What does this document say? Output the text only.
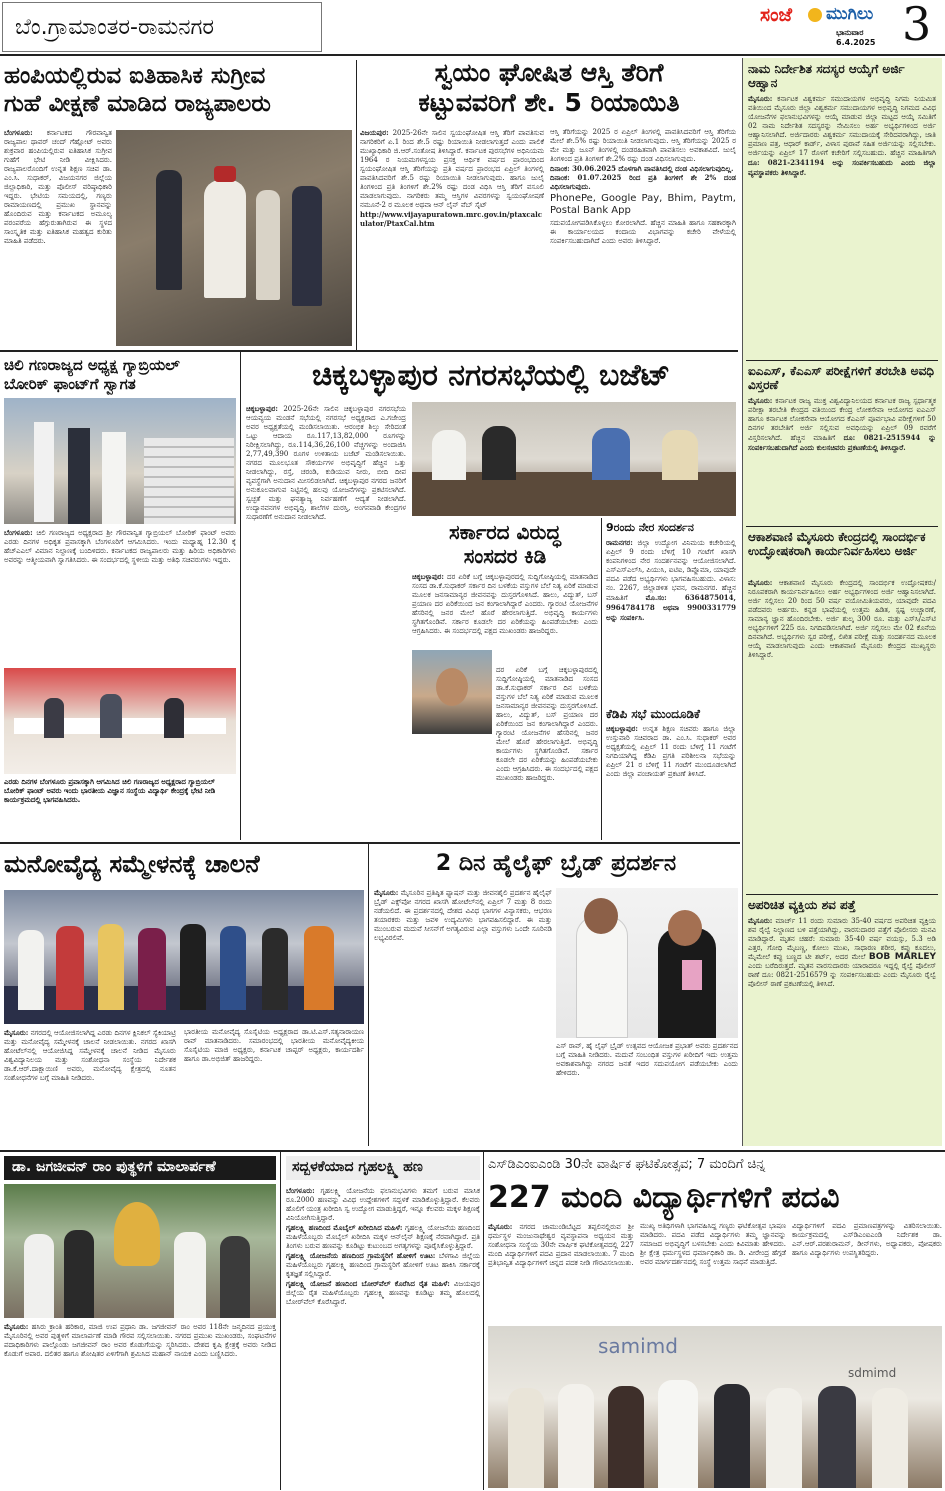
ಬೆಂ.ಗ್ರಾಮಾಂತರ-ರಾಮನಗರ	ಸಂಜೆ ಮುಗಿಲು
ಭಾನುವಾರ
6.4.2025 3
ಹಂಪಿಯಲ್ಲಿರುವ ಐತಿಹಾಸಿಕ ಸುಗ್ರೀವ
ಗುಹೆ ವೀಕ್ಷಣೆ ಮಾಡಿದ ರಾಜ್ಯಪಾಲರು
ಬೆಂಗಳೂರು: ಕರ್ನಾಟಕದ ಗೌರವಾನ್ವಿತ ರಾಜ್ಯಪಾಲ ಥಾವರ್ ಚಂದ್ ಗೆಹ್ಲೋಟ್ ಅವರು ಶುಕ್ರವಾರ ಹಂಪಿಯಲ್ಲಿರುವ ಐತಿಹಾಸಿಕ ಸುಗ್ರೀವ ಗುಹೆಗೆ ಭೇಟಿ ನೀಡಿ ವೀಕ್ಷಿಸಿದರು. ರಾಜ್ಯಪಾಲರೊಂದಿಗೆ ಉನ್ನತ ಶಿಕ್ಷಣ ಸಚಿವ ಡಾ. ಎಂ.ಸಿ. ಸುಧಾಕರ್, ವಿಜಯನಗರ ಜಿಲ್ಲೆಯ ಜಿಲ್ಲಾಧಿಕಾರಿ, ಮತ್ತು ಪೊಲೀಸ್ ವರಿಷ್ಠಾಧಿಕಾರಿ ಇದ್ದರು. ಭೇಟಿಯ ಸಮಯದಲ್ಲಿ, ಗಣ್ಯರು ರಾಮಾಯಣದಲ್ಲಿ ಪ್ರಮುಖ ಸ್ಥಾನವನ್ನು ಹೊಂದಿರುವ ಮತ್ತು ಕರ್ನಾಟಕದ ಅಮೂಲ್ಯ ಪರಂಪರೆಯ ಹೆಗ್ಗುರುತಾಗಿರುವ ಈ ಸ್ಥಳದ ಸಾಂಸ್ಕೃತಿಕ ಮತ್ತು ಐತಿಹಾಸಿಕ ಮಹತ್ವದ ಕುರಿತು ಮಾಹಿತಿ ಪಡೆದರು.
ಸ್ವಯಂ ಘೋಷಿತ ಆಸ್ತಿ ತೆರಿಗೆ
ಕಟ್ಟುವವರಿಗೆ ಶೇ. 5 ರಿಯಾಯಿತಿ
ವಿಜಯಪುರ: 2025-26ನೇ ಸಾಲಿನ ಸ್ವಯಂಘೋಷಿತ ಆಸ್ತಿ ತೆರಿಗೆ ಪಾವತಿಸುವ ನಾಗರಿಕರಿಗೆ ಏ.1 ರಿಂದ ಶೇ.5 ರಷ್ಟು ರಿಯಾಯಿತಿ ನೀಡಲಾಗುತ್ತದೆ ಎಂದು ಪಾಲಿಕೆ ಮುಖ್ಯಾಧಿಕಾರಿ ಜಿ.ಆರ್.ಸಂತೋಷ ತಿಳಿಸಿದ್ದಾರೆ. ಕರ್ನಾಟಕ ಪುರಸಭೆಗಳ ಅಧಿನಿಯಮ 1964 ರ ನಿಯಮಗಳನ್ವಯ ಪ್ರಸಕ್ತ ಆರ್ಥಿಕ ವರ್ಷದ ಪ್ರಾರಂಭದಿಂದ ಸ್ವಯಂಘೋಷಿತ ಆಸ್ತಿ ತೆರಿಗೆಯನ್ನು ಪ್ರತಿ ವರ್ಷದ ಪ್ರಾರಂಭದ ಏಪ್ರಿಲ್ ತಿಂಗಳಲ್ಲಿ ಪಾವತಿಸಿದವರಿಗೆ ಶೇ.5 ರಷ್ಟು ರಿಯಾಯಿತಿ ನೀಡಲಾಗುವುದು. ಹಾಗೂ ಜುಲೈ ತಿಂಗಳಿಂದ ಪ್ರತಿ ತಿಂಗಳಿಗೆ ಶೇ.2% ರಷ್ಟು ದಂಡ ವಿಧಿಸಿ ಆಸ್ತಿ ತೆರಿಗೆ ವಸೂಲಿ ಮಾಡಲಾಗುವುದು. ನಾಗರಿಕರು ತಮ್ಮ ಆಸ್ತಿಗಳ ವಿವರಗಳನ್ನು ಸ್ವಯಂಘೋಷಣೆ ನಮೂನೆ-2 ರ ಮೂಲಕ ಅಥವಾ ಆನ್ ಲೈನ್ ವೆಬ್ ಸೈಟ್
http://www.vijayapuratown.mrc.gov.in/ptaxcalculator/PtaxCal.htm
ಆಸ್ತಿ ತೆರಿಗೆಯನ್ನು 2025 ರ ಏಪ್ರಿಲ್ ತಿಂಗಳಲ್ಲಿ ಪಾವತಿಸಿದವರಿಗೆ ಆಸ್ತಿ ತೆರಿಗೆಯ ಮೇಲೆ ಶೇ.5% ರಷ್ಟು ರಿಯಾಯಿತಿ ನೀಡಲಾಗುವುದು. ಆಸ್ತಿ ತೆರಿಗೆಯನ್ನು 2025 ರ ಮೇ ಮತ್ತು ಜೂನ್ ತಿಂಗಳಲ್ಲಿ ದಂಡರಹಿತವಾಗಿ ಪಾವತಿಸಲು ಅವಕಾಶವಿದೆ. ಜುಲೈ ತಿಂಗಳಿಂದ ಪ್ರತಿ ತಿಂಗಳಿಗೆ ಶೇ.2% ರಷ್ಟು ದಂಡ ವಿಧಿಸಲಾಗುವುದು.
ದಿನಾಂಕ: 30.06.2025 ದೊಳಗಾಗಿ ಪಾವತಿಸಿದಲ್ಲಿ ದಂಡ ವಿಧಿಸಲಾಗುವುದಿಲ್ಲ.
ದಿನಾಂಕ: 01.07.2025 ರಿಂದ ಪ್ರತಿ ತಿಂಗಳಿಗೆ ಶೇ 2% ದಂಡ ವಿಧಿಸಲಾಗುವುದು.
PhonePe, Google Pay, Bhim, Paytm, Postal Bank App
ಸದುಪಯೋಗಪಡಿಸಿಕೊಳ್ಳಲು ಕೋರಲಾಗಿದೆ. ಹೆಚ್ಚಿನ ಮಾಹಿತಿ ಹಾಗೂ ಸಹಕಾರಕ್ಕಾಗಿ ಈ ಕಾರ್ಯಾಲಯದ ಕಂದಾಯ ವಿಭಾಗವನ್ನು ಕಚೇರಿ ವೇಳೆಯಲ್ಲಿ ಸಂಪರ್ಕಿಸಬಹುದಾಗಿದೆ ಎಂದು ಅವರು ತಿಳಿಸಿದ್ದಾರೆ.
ಚಿಲಿ ಗಣರಾಜ್ಯದ ಅಧ್ಯಕ್ಷ ಗ್ಯಾಬ್ರಿಯಲ್
ಬೋರಿಕ್ ಫಾಂಟ್‌ಗೆ ಸ್ವಾಗತ
ಬೆಂಗಳೂರು: ಚಿಲಿ ಗಣರಾಜ್ಯದ ಅಧ್ಯಕ್ಷರಾದ ಶ್ರೀ ಗೌರವಾನ್ವಿತ ಗ್ಯಾಬ್ರಿಯಲ್ ಬೋರಿಕ್ ಫಾಂಟ್ ಅವರು ಎರಡು ದಿನಗಳ ಅಧಿಕೃತ ಪ್ರವಾಸಕ್ಕಾಗಿ ಬೆಂಗಳೂರಿಗೆ ಆಗಮಿಸಿದರು. ಇಂದು ಮಧ್ಯಾಹ್ನ 12.30 ಕ್ಕೆ ಹೆಚ್ಎಎಲ್ ವಿಮಾನ ನಿಲ್ದಾಣಕ್ಕೆ ಬಂದಿಳಿದರು. ಕರ್ನಾಟಕದ ರಾಜ್ಯಪಾಲರು ಮತ್ತು ಹಿರಿಯ ಅಧಿಕಾರಿಗಳು ಅವರನ್ನು ಆತ್ಮೀಯವಾಗಿ ಸ್ವಾಗತಿಸಿದರು. ಈ ಸಂದರ್ಭದಲ್ಲಿ ಸ್ಥಳೀಯ ಮತ್ತು ಅತಿಥಿ ಸಚಿವರುಗಳು ಇದ್ದರು.
ಎರಡು ದಿನಗಳ ಬೆಂಗಳೂರು ಪ್ರವಾಸಕ್ಕಾಗಿ ಆಗಮಿಸಿದ ಚಿಲಿ ಗಣರಾಜ್ಯದ ಅಧ್ಯಕ್ಷರಾದ ಗ್ಯಾಬ್ರಿಯಲ್ ಬೋರಿಕ್ ಫಾಂಟ್ ಅವರು ಇಂದು ಭಾರತೀಯ ವಿಜ್ಞಾನ ಸಂಸ್ಥೆಯ ವಿದ್ಯಾರ್ಥಿ ಕೇಂದ್ರಕ್ಕೆ ಭೇಟಿ ನೀಡಿ ಕಾರ್ಯಕ್ರಮದಲ್ಲಿ ಭಾಗವಹಿಸಿದರು.
ಚಿಕ್ಕಬಳ್ಳಾಪುರ ನಗರಸಭೆಯಲ್ಲಿ ಬಜೆಟ್
ಚಿಕ್ಕಬಳ್ಳಾಪುರ: 2025-26ನೇ ಸಾಲಿನ ಚಿಕ್ಕಬಳ್ಳಾಪುರ ನಗರಸಭೆಯ ಆಯವ್ಯಯ ಮಂಡನೆ ಸಭೆಯಲ್ಲಿ ನಗರಸಭೆ ಅಧ್ಯಕ್ಷರಾದ ಎ.ಗಜೇಂದ್ರ ಅವರ ಅಧ್ಯಕ್ಷತೆಯಲ್ಲಿ ಮಂಡಿಸಲಾಯಿತು. ಆರಂಭಿಕ ಶಿಲ್ಕು ಸೇರಿದಂತೆ ಒಟ್ಟು ಆದಾಯ ರೂ.117,13,82,000 ರೂಗಳನ್ನು ನಿರೀಕ್ಷಿಸಲಾಗಿದ್ದು, ರೂ.114,36,26,100 ವೆಚ್ಚಗಳನ್ನು ಅಂದಾಜಿಸಿ 2,77,49,390 ರೂಗಳ ಉಳಿತಾಯ ಬಜೆಟ್ ಮಂಡಿಸಲಾಯಿತು. ನಗರದ ಮೂಲಭೂತ ಸೌಕರ್ಯಗಳ ಅಭಿವೃದ್ಧಿಗೆ ಹೆಚ್ಚಿನ ಒತ್ತು ನೀಡಲಾಗಿದ್ದು, ರಸ್ತೆ, ಚರಂಡಿ, ಕುಡಿಯುವ ನೀರು, ಬೀದಿ ದೀಪ ವ್ಯವಸ್ಥೆಗಾಗಿ ಅನುದಾನ ಮೀಸಲಿಡಲಾಗಿದೆ. ಚಿಕ್ಕಬಳ್ಳಾಪುರ ನಗರದ ಜನರಿಗೆ ಅನುಕೂಲವಾಗುವ ನಿಟ್ಟಿನಲ್ಲಿ ಹಲವು ಯೋಜನೆಗಳನ್ನು ಪ್ರಕಟಿಸಲಾಗಿದೆ. ಸ್ವಚ್ಛತೆ ಮತ್ತು ಘನತ್ಯಾಜ್ಯ ನಿರ್ವಹಣೆಗೆ ಆದ್ಯತೆ ನೀಡಲಾಗಿದೆ. ಉದ್ಯಾನವನಗಳ ಅಭಿವೃದ್ಧಿ, ಶಾಲೆಗಳ ದುರಸ್ತಿ, ಅಂಗನವಾಡಿ ಕೇಂದ್ರಗಳ ಸುಧಾರಣೆಗೆ ಅನುದಾನ ನೀಡಲಾಗಿದೆ.
ಸರ್ಕಾರದ ವಿರುದ್ಧ
ಸಂಸದರ ಕಿಡಿ
ಚಿಕ್ಕಬಳ್ಳಾಪುರ: ದರ ಏರಿಕೆ ಬಗ್ಗೆ ಚಿಕ್ಕಬಳ್ಳಾಪುರದಲ್ಲಿ ಸುದ್ದಿಗೋಷ್ಠಿಯಲ್ಲಿ ಮಾತನಾಡಿದ ಸಂಸದ ಡಾ.ಕೆ.ಸುಧಾಕರ್ ಸರ್ಕಾರ ದಿನ ಬಳಕೆಯ ವಸ್ತುಗಳ ಬೆಲೆ ನಿತ್ಯ ಏರಿಕೆ ಮಾಡುವ ಮೂಲಕ ಜನಸಾಮಾನ್ಯರ ಜೀವನವನ್ನು ದುಸ್ತರಗೊಳಿಸಿದೆ. ಹಾಲು, ವಿದ್ಯುತ್, ಬಸ್ ಪ್ರಯಾಣ ದರ ಏರಿಕೆಯಿಂದ ಜನ ಕಂಗಾಲಾಗಿದ್ದಾರೆ ಎಂದರು. ಗ್ಯಾರಂಟಿ ಯೋಜನೆಗಳ ಹೆಸರಿನಲ್ಲಿ ಜನರ ಮೇಲೆ ಹೊರೆ ಹೇರಲಾಗುತ್ತಿದೆ. ಅಭಿವೃದ್ಧಿ ಕಾರ್ಯಗಳು ಸ್ಥಗಿತಗೊಂಡಿವೆ. ಸರ್ಕಾರ ಕೂಡಲೇ ದರ ಏರಿಕೆಯನ್ನು ಹಿಂಪಡೆಯಬೇಕು ಎಂದು ಆಗ್ರಹಿಸಿದರು. ಈ ಸಂದರ್ಭದಲ್ಲಿ ಪಕ್ಷದ ಮುಖಂಡರು ಹಾಜರಿದ್ದರು.
ದರ ಏರಿಕೆ ಬಗ್ಗೆ ಚಿಕ್ಕಬಳ್ಳಾಪುರದಲ್ಲಿ ಸುದ್ದಿಗೋಷ್ಠಿಯಲ್ಲಿ ಮಾತನಾಡಿದ ಸಂಸದ ಡಾ.ಕೆ.ಸುಧಾಕರ್ ಸರ್ಕಾರ ದಿನ ಬಳಕೆಯ ವಸ್ತುಗಳ ಬೆಲೆ ನಿತ್ಯ ಏರಿಕೆ ಮಾಡುವ ಮೂಲಕ ಜನಸಾಮಾನ್ಯರ ಜೀವನವನ್ನು ದುಸ್ತರಗೊಳಿಸಿದೆ. ಹಾಲು, ವಿದ್ಯುತ್, ಬಸ್ ಪ್ರಯಾಣ ದರ ಏರಿಕೆಯಿಂದ ಜನ ಕಂಗಾಲಾಗಿದ್ದಾರೆ ಎಂದರು. ಗ್ಯಾರಂಟಿ ಯೋಜನೆಗಳ ಹೆಸರಿನಲ್ಲಿ ಜನರ ಮೇಲೆ ಹೊರೆ ಹೇರಲಾಗುತ್ತಿದೆ. ಅಭಿವೃದ್ಧಿ ಕಾರ್ಯಗಳು ಸ್ಥಗಿತಗೊಂಡಿವೆ. ಸರ್ಕಾರ ಕೂಡಲೇ ದರ ಏರಿಕೆಯನ್ನು ಹಿಂಪಡೆಯಬೇಕು ಎಂದು ಆಗ್ರಹಿಸಿದರು. ಈ ಸಂದರ್ಭದಲ್ಲಿ ಪಕ್ಷದ ಮುಖಂಡರು ಹಾಜರಿದ್ದರು.
9ರಂದು ನೇರ ಸಂದರ್ಶನ
ರಾಮನಗರ: ಜಿಲ್ಲಾ ಉದ್ಯೋಗ ವಿನಿಮಯ ಕಚೇರಿಯಲ್ಲಿ ಏಪ್ರಿಲ್ 9 ರಂದು ಬೆಳಿಗ್ಗೆ 10 ಗಂಟೆಗೆ ಖಾಸಗಿ ಕಂಪನಿಗಳಿಂದ ನೇರ ಸಂದರ್ಶನವನ್ನು ಆಯೋಜಿಸಲಾಗಿದೆ. ಎಸ್ಎಸ್ಎಲ್‌ಸಿ, ಪಿಯುಸಿ, ಐಟಿಐ, ಡಿಪ್ಲೊಮಾ, ಯಾವುದೇ ಪದವಿ ಪಡೆದ ಅಭ್ಯರ್ಥಿಗಳು ಭಾಗವಹಿಸಬಹುದು. ವಿಳಾಸ: ನಂ. 2267, ಜಿಲ್ಲಾಡಳಿತ ಭವನ, ರಾಮನಗರ. ಹೆಚ್ಚಿನ ಮಾಹಿತಿಗೆ	ಮೊ.ಸಂ: 6364875014, 9964784178 ಅಥವಾ 9900331779 ಅನ್ನು ಸಂಪರ್ಕಿಸಿ.
ಕೆಡಿಪಿ ಸಭೆ ಮುಂದೂಡಿಕೆ
ಚಿಕ್ಕಬಳ್ಳಾಪುರ: ಉನ್ನತ ಶಿಕ್ಷಣ ಸಚಿವರು ಹಾಗೂ ಜಿಲ್ಲಾ ಉಸ್ತುವಾರಿ ಸಚಿವರಾದ ಡಾ. ಎಂ.ಸಿ. ಸುಧಾಕರ್ ಅವರ ಅಧ್ಯಕ್ಷತೆಯಲ್ಲಿ ಏಪ್ರಿಲ್ 11 ರಂದು ಬೆಳಿಗ್ಗೆ 11 ಗಂಟೆಗೆ ನಿಗದಿಯಾಗಿದ್ದ ಕೆಡಿಪಿ ಪ್ರಗತಿ ಪರಿಶೀಲನಾ ಸಭೆಯನ್ನು ಏಪ್ರಿಲ್ 21 ರ ಬೆಳಿಗ್ಗೆ 11 ಗಂಟೆಗೆ ಮುಂದೂಡಲಾಗಿದೆ ಎಂದು ಜಿಲ್ಲಾ ಪಂಚಾಯತ್ ಪ್ರಕಟಣೆ ತಿಳಿಸಿದೆ.
ನಾಮ ನಿರ್ದೇಶಿತ ಸದಸ್ಯರ ಆಯ್ಕೆಗೆ ಅರ್ಜಿ ಆಹ್ವಾನ
ಮೈಸೂರು: ಕರ್ನಾಟಕ ವಿಶ್ವಕರ್ಮ ಸಮುದಾಯಗಳ ಅಭಿವೃದ್ಧಿ ನಿಗಮ ನಿಯಮಿತ ವತಿಯಿಂದ ಮೈಸೂರು ಜಿಲ್ಲಾ ವಿಶ್ವಕರ್ಮ ಸಮುದಾಯಗಳ ಅಭಿವೃದ್ಧಿ ನಿಗಮದ ವಿವಿಧ ಯೋಜನೆಗಳ ಫಲಾನುಭವಿಗಳನ್ನು ಆಯ್ಕೆ ಮಾಡುವ ಜಿಲ್ಲಾ ಮಟ್ಟದ ಆಯ್ಕೆ ಸಮಿತಿಗೆ 02 ನಾಮ ನಿರ್ದೇಶಿತ ಸದಸ್ಯರನ್ನು ನೇಮಿಸಲು ಅರ್ಹ ಅಭ್ಯರ್ಥಿಗಳಿಂದ ಅರ್ಜಿ ಆಹ್ವಾನಿಸಲಾಗಿದೆ. ಅರ್ಜಿದಾರರು ವಿಶ್ವಕರ್ಮ ಸಮುದಾಯಕ್ಕೆ ಸೇರಿದವರಾಗಿದ್ದು, ಜಾತಿ ಪ್ರಮಾಣ ಪತ್ರ, ಆಧಾರ್ ಕಾರ್ಡ್, ವಿಳಾಸ ಪುರಾವೆ ಸಹಿತ ಅರ್ಜಿಯನ್ನು ಸಲ್ಲಿಸಬೇಕು. ಅರ್ಜಿಯನ್ನು ಏಪ್ರಿಲ್ 17 ರೊಳಗೆ ಕಚೇರಿಗೆ ಸಲ್ಲಿಸಬಹುದು. ಹೆಚ್ಚಿನ ಮಾಹಿತಿಗಾಗಿ ದೂ: 0821-2341194 ಅನ್ನು ಸಂಪರ್ಕಿಸಬಹುದು ಎಂದು ಜಿಲ್ಲಾ ವ್ಯವಸ್ಥಾಪಕರು ತಿಳಿಸಿದ್ದಾರೆ.
ಐಎಎಸ್, ಕೆಎಎಸ್ ಪರೀಕ್ಷೆಗಳಿಗೆ ತರಬೇತಿ ಅವಧಿ ವಿಸ್ತರಣೆ
ಮೈಸೂರು: ಕರ್ನಾಟಕ ರಾಜ್ಯ ಮುಕ್ತ ವಿಶ್ವವಿದ್ಯಾನಿಲಯದ ಕರ್ನಾಟಕ ರಾಜ್ಯ ಸ್ಪರ್ಧಾತ್ಮಕ ಪರೀಕ್ಷಾ ತರಬೇತಿ ಕೇಂದ್ರದ ವತಿಯಿಂದ ಕೇಂದ್ರ ಲೋಕಸೇವಾ ಆಯೋಗದ ಐಎಎಸ್ ಹಾಗೂ ಕರ್ನಾಟಕ ಲೋಕಸೇವಾ ಆಯೋಗದ ಕೆಎಎಸ್ ಪೂರ್ವಭಾವಿ ಪರೀಕ್ಷೆಗಳಿಗೆ 50 ದಿನಗಳ ತರಬೇತಿಗೆ ಅರ್ಜಿ ಸಲ್ಲಿಸುವ ಅವಧಿಯನ್ನು ಏಪ್ರಿಲ್ 09 ರವರೆಗೆ ವಿಸ್ತರಿಸಲಾಗಿದೆ. ಹೆಚ್ಚಿನ ಮಾಹಿತಿಗೆ ದೂ: 0821-2515944 ನ್ನು ಸಂಪರ್ಕಿಸಬಹುದಾಗಿದೆ ಎಂದು ಕುಲಸಚಿವರು ಪ್ರಕಟಣೆಯಲ್ಲಿ ತಿಳಿಸಿದ್ದಾರೆ.
ಆಕಾಶವಾಣಿ ಮೈಸೂರು ಕೇಂದ್ರದಲ್ಲಿ ಸಾಂದರ್ಭಿಕ ಉದ್ಘೋಷಕರಾಗಿ ಕಾರ್ಯನಿರ್ವಹಿಸಲು ಅರ್ಜಿ
ಮೈಸೂರು: ಆಕಾಶವಾಣಿ ಮೈಸೂರು ಕೇಂದ್ರದಲ್ಲಿ ಸಾಂದರ್ಭಿಕ ಉದ್ಘೋಷಕರು/ನಿರೂಪಕರಾಗಿ ಕಾರ್ಯನಿರ್ವಹಿಸಲು ಅರ್ಹ ಅಭ್ಯರ್ಥಿಗಳಿಂದ ಅರ್ಜಿ ಆಹ್ವಾನಿಸಲಾಗಿದೆ. ಅರ್ಜಿ ಸಲ್ಲಿಸಲು 20 ರಿಂದ 50 ವರ್ಷ ವಯೋಮಿತಿಯವರು, ಯಾವುದೇ ಪದವಿ ಪಡೆದವರು ಅರ್ಹರು. ಕನ್ನಡ ಭಾಷೆಯಲ್ಲಿ ಉತ್ತಮ ಹಿಡಿತ, ಸ್ಪಷ್ಟ ಉಚ್ಚಾರಣೆ, ಸಾಮಾನ್ಯ ಜ್ಞಾನ ಹೊಂದಿರಬೇಕು. ಅರ್ಜಿ ಶುಲ್ಕ 300 ರೂ. ಮತ್ತು ಎಸ್‌ಸಿ/ಎಸ್‌ಟಿ ಅಭ್ಯರ್ಥಿಗಳಿಗೆ 225 ರೂ. ನಿಗದಿಪಡಿಸಲಾಗಿದೆ. ಅರ್ಜಿ ಸಲ್ಲಿಸಲು ಮೇ 02 ಕೊನೆಯ ದಿನವಾಗಿದೆ. ಅಭ್ಯರ್ಥಿಗಳು ಸ್ವರ ಪರೀಕ್ಷೆ, ಲಿಖಿತ ಪರೀಕ್ಷೆ ಮತ್ತು ಸಂದರ್ಶನದ ಮೂಲಕ ಆಯ್ಕೆ ಮಾಡಲಾಗುವುದು ಎಂದು ಆಕಾಶವಾಣಿ ಮೈಸೂರು ಕೇಂದ್ರದ ಮುಖ್ಯಸ್ಥರು ತಿಳಿಸಿದ್ದಾರೆ.
ಅಪರಿಚಿತ ವ್ಯಕ್ತಿಯ ಶವ ಪತ್ತೆ
ಮೈಸೂರು: ಮಾರ್ಚ್ 11 ರಂದು ಸುಮಾರು 35-40 ವರ್ಷದ ಅಪರಿಚಿತ ವ್ಯಕ್ತಿಯ ಶವ ರೈಲ್ವೆ ನಿಲ್ದಾಣದ ಬಳಿ ಪತ್ತೆಯಾಗಿದ್ದು, ವಾರಸುದಾರರ ಪತ್ತೆಗೆ ಪೊಲೀಸರು ಮನವಿ ಮಾಡಿದ್ದಾರೆ. ಮೃತನ ಚಹರೆ: ಸುಮಾರು 35-40 ವರ್ಷ ವಯಸ್ಸು, 5.3 ಅಡಿ ಎತ್ತರ, ಗೋಧಿ ಮೈಬಣ್ಣ, ಕೋಲು ಮುಖ, ಸಾಧಾರಣ ಶರೀರ, ಕಪ್ಪು ಕೂದಲು, ಮೈಮೇಲೆ ಕಪ್ಪು ಬಣ್ಣದ ಟೀ ಶರ್ಟ್, ಅದರ ಮೇಲೆ BOB MARLEY ಎಂದು ಬರೆದಿರುತ್ತದೆ. ಮೃತನ ವಾರಸುದಾರರು ಯಾರಾದರೂ ಇದ್ದಲ್ಲಿ ರೈಲ್ವೆ ಪೊಲೀಸ್ ಠಾಣೆ ದೂ: 0821-2516579 ನ್ನು ಸಂಪರ್ಕಿಸಬಹುದು ಎಂದು ಮೈಸೂರು ರೈಲ್ವೆ ಪೊಲೀಸ್ ಠಾಣೆ ಪ್ರಕಟಣೆಯಲ್ಲಿ ತಿಳಿಸಿದೆ.
ಮನೋವೈದ್ಯ ಸಮ್ಮೇಳನಕ್ಕೆ ಚಾಲನೆ
ಮೈಸೂರು: ನಗರದಲ್ಲಿ ಆಯೋಜಿಸಲಾಗಿದ್ದ ಎರಡು ದಿನಗಳ ಕ್ಲಿನಿಕಲ್ ಸ್ಯೆಕಿಯಾಟ್ರಿ ಮತ್ತು ಮನೋವೈದ್ಯ ಸಮ್ಮೇಳನಕ್ಕೆ ಚಾಲನೆ ನೀಡಲಾಯಿತು. ನಗರದ ಖಾಸಗಿ ಹೋಟೆಲ್‌ನಲ್ಲಿ ಆಯೋಜಿಸಿದ್ದ ಸಮ್ಮೇಳನಕ್ಕೆ ಚಾಲನೆ ನೀಡಿದ ಮೈಸೂರು ವಿಶ್ವವಿದ್ಯಾನಿಲಯ ಮತ್ತು ಸಂಶೋಧನಾ ಸಂಸ್ಥೆಯ ನಿರ್ದೇಶಕ ಡಾ.ಕೆ.ಆರ್.ದಾಕ್ಷಾಯಿಣಿ ಅವರು, ಮನೋವೈದ್ಯ ಕ್ಷೇತ್ರದಲ್ಲಿ ನೂತನ ಸಂಶೋಧನೆಗಳ ಬಗ್ಗೆ ಮಾಹಿತಿ ನೀಡಿದರು.
ಭಾರತೀಯ ಮನೋವೈದ್ಯ ಸೊಸೈಟಿಯ ಅಧ್ಯಕ್ಷರಾದ ಡಾ.ಟಿ.ಎಸ್.ಸತ್ಯನಾರಾಯಣ ರಾವ್ ಮಾತನಾಡಿದರು. ಸಮಾರಂಭದಲ್ಲಿ ಭಾರತೀಯ ಮನೋವೈದ್ಯಕೀಯ ಸೊಸೈಟಿಯ ಮಾಜಿ ಅಧ್ಯಕ್ಷರು, ಕರ್ನಾಟಕ ಚಾಪ್ಟರ್ ಅಧ್ಯಕ್ಷರು, ಕಾರ್ಯದರ್ಶಿ ಹಾಗೂ ಡಾ.ಅಭಿಜಿತ್ ಹಾಜರಿದ್ದರು.
2 ದಿನ ಹೈಲೈಫ್ ಬ್ರೈಡ್ ಪ್ರದರ್ಶನ
ಮೈಸೂರು: ಮೈಸೂರಿನ ಪ್ರತಿಷ್ಠಿತ ಫ್ಯಾಷನ್ ಮತ್ತು ಜೀವನಶೈಲಿ ಪ್ರದರ್ಶನ ಹೈಲೈಫ್ ಬ್ರೈಡ್ ಎಕ್ಸ್‌ಪೋ ನಗರದ ಖಾಸಗಿ ಹೋಟೆಲ್‌ನಲ್ಲಿ ಏಪ್ರಿಲ್ 7 ಮತ್ತು 8 ರಂದು ನಡೆಯಲಿದೆ. ಈ ಪ್ರದರ್ಶನದಲ್ಲಿ ದೇಶದ ವಿವಿಧ ಭಾಗಗಳ ವಿನ್ಯಾಸಕರು, ಆಭರಣ ತಯಾರಕರು ಮತ್ತು ಜವಳಿ ಉದ್ಯಮಿಗಳು ಭಾಗವಹಿಸಲಿದ್ದಾರೆ. ಈ ಮತ್ತು ಮುಂಬರುವ ಮದುವೆ ಸೀಸನ್‌ಗೆ ಅಗತ್ಯವಿರುವ ಎಲ್ಲಾ ವಸ್ತುಗಳು ಒಂದೇ ಸೂರಿನಡಿ ಲಭ್ಯವಿರಲಿವೆ.
ಎಸ್ ರಾವ್, ಹೈ ಲೈಫ್ ಬ್ರೈಡ್ ಉತ್ಸವದ ಆಯೋಜಕ ಪ್ರಭಾತ್ ಅವರು ಪ್ರದರ್ಶನದ ಬಗ್ಗೆ ಮಾಹಿತಿ ನೀಡಿದರು. ಮದುವೆ ಸಂಬಂಧಿತ ವಸ್ತುಗಳ ಖರೀದಿಗೆ ಇದು ಉತ್ತಮ ಅವಕಾಶವಾಗಿದ್ದು ನಗರದ ಜನತೆ ಇದರ ಸದುಪಯೋಗ ಪಡೆಯಬೇಕು ಎಂದು ಹೇಳಿದರು.
ಡಾ. ಜಗಜೀವನ್ ರಾಂ ಪುತ್ಥಳಿಗೆ ಮಾಲಾರ್ಪಣೆ
ಮೈಸೂರು: ಹಸಿರು ಕ್ರಾಂತಿ ಹರಿಕಾರ, ಮಾಜಿ ಉಪ ಪ್ರಧಾನಿ ಡಾ. ಜಗಜೀವನ್ ರಾಂ ಅವರ 118ನೇ ಜನ್ಮದಿನದ ಪ್ರಯುಕ್ತ ಮೈಸೂರಿನಲ್ಲಿ ಅವರ ಪುತ್ಥಳಿಗೆ ಮಾಲಾರ್ಪಣೆ ಮಾಡಿ ಗೌರವ ಸಲ್ಲಿಸಲಾಯಿತು. ನಗರದ ಪ್ರಮುಖ ಮುಖಂಡರು, ಸಂಘಟನೆಗಳ ಪದಾಧಿಕಾರಿಗಳು ಪಾಲ್ಗೊಂಡು ಜಗಜೀವನ್ ರಾಂ ಅವರ ಕೊಡುಗೆಯನ್ನು ಸ್ಮರಿಸಿದರು. ದೇಶದ ಕೃಷಿ ಕ್ಷೇತ್ರಕ್ಕೆ ಅವರು ನೀಡಿದ ಕೊಡುಗೆ ಅಪಾರ. ದಲಿತರ ಹಾಗೂ ಶೋಷಿತರ ಏಳಿಗೆಗಾಗಿ ಶ್ರಮಿಸಿದ ಮಹಾನ್ ನಾಯಕ ಎಂದು ಬಣ್ಣಿಸಿದರು.
ಸದ್ಬಳಕೆಯಾದ ಗೃಹಲಕ್ಷ್ಮಿ ಹಣ
ಬೆಂಗಳೂರು: ಗೃಹಲಕ್ಷ್ಮಿ ಯೋಜನೆಯ ಫಲಾನುಭವಿಗಳು ತಮಗೆ ಬರುವ ಮಾಸಿಕ ರೂ.2000 ಹಣವನ್ನು ವಿವಿಧ ಉದ್ದೇಶಗಳಿಗೆ ಸದ್ಬಳಕೆ ಮಾಡಿಕೊಳ್ಳುತ್ತಿದ್ದಾರೆ. ಕೆಲವರು ಹೊಲಿಗೆ ಯಂತ್ರ ಖರೀದಿಸಿ ಸ್ವ ಉದ್ಯೋಗ ಮಾಡುತ್ತಿದ್ದರೆ, ಇನ್ನೂ ಕೆಲವರು ಮಕ್ಕಳ ಶಿಕ್ಷಣಕ್ಕೆ ವಿನಿಯೋಗಿಸುತ್ತಿದ್ದಾರೆ.
ಗೃಹಲಕ್ಷ್ಮಿ ಹಣದಿಂದ ಮೊಬೈಲ್ ಖರೀದಿಸಿದ ಮಹಿಳೆ: ಗೃಹಲಕ್ಷ್ಮಿ ಯೋಜನೆಯ ಹಣದಿಂದ ಮಹಿಳೆಯೊಬ್ಬರು ಮೊಬೈಲ್ ಖರೀದಿಸಿ ಮಕ್ಕಳ ಆನ್‌ಲೈನ್ ಶಿಕ್ಷಣಕ್ಕೆ ನೆರವಾಗಿದ್ದಾರೆ. ಪ್ರತಿ ತಿಂಗಳು ಬರುವ ಹಣವನ್ನು ಕೂಡಿಟ್ಟು ಕುಟುಂಬದ ಅಗತ್ಯಗಳನ್ನು ಪೂರೈಸಿಕೊಳ್ಳುತ್ತಿದ್ದಾರೆ.
ಗೃಹಲಕ್ಷ್ಮಿ ಯೋಜನೆಯ ಹಣದಿಂದ ಗ್ರಾಮಸ್ಥರಿಗೆ ಹೋಳಿಗೆ ಊಟ: ಬೆಳಗಾವಿ ಜಿಲ್ಲೆಯ ಮಹಿಳೆಯೊಬ್ಬರು ಗೃಹಲಕ್ಷ್ಮಿ ಹಣದಿಂದ ಗ್ರಾಮಸ್ಥರಿಗೆ ಹೋಳಿಗೆ ಊಟ ಹಾಕಿಸಿ ಸರ್ಕಾರಕ್ಕೆ ಕೃತಜ್ಞತೆ ಸಲ್ಲಿಸಿದ್ದಾರೆ.
ಗೃಹಲಕ್ಷ್ಮಿ ಯೋಜನೆ ಹಣದಿಂದ ಬೋರ್‌ವೆಲ್ ಕೊರೆಸಿದ ರೈತ ಮಹಿಳೆ: ವಿಜಯಪುರ ಜಿಲ್ಲೆಯ ರೈತ ಮಹಿಳೆಯೊಬ್ಬರು ಗೃಹಲಕ್ಷ್ಮಿ ಹಣವನ್ನು ಕೂಡಿಟ್ಟು ತಮ್ಮ ಹೊಲದಲ್ಲಿ ಬೋರ್‌ವೆಲ್ ಕೊರೆಸಿದ್ದಾರೆ.
ಎಸ್‌ಡಿಎಂಐಎಂಡಿ 30ನೇ ವಾರ್ಷಿಕ ಘಟಿಕೋತ್ಸವ; 7 ಮಂದಿಗೆ ಚಿನ್ನ
227 ಮಂದಿ ವಿದ್ಯಾರ್ಥಿಗಳಿಗೆ ಪದವಿ
ಮೈಸೂರು: ನಗರದ ಚಾಮುಂಡಿಬೆಟ್ಟದ ತಪ್ಪಲಿನಲ್ಲಿರುವ ಶ್ರೀ ಧರ್ಮಸ್ಥಳ ಮಂಜುನಾಥೇಶ್ವರ ವ್ಯವಸ್ಥಾಪನಾ ಅಧ್ಯಯನ ಮತ್ತು ಸಂಶೋಧನಾ ಸಂಸ್ಥೆಯ 30ನೇ ವಾರ್ಷಿಕ ಘಟಿಕೋತ್ಸವದಲ್ಲಿ 227 ಮಂದಿ ವಿದ್ಯಾರ್ಥಿಗಳಿಗೆ ಪದವಿ ಪ್ರದಾನ ಮಾಡಲಾಯಿತು. 7 ಮಂದಿ ಪ್ರತಿಭಾನ್ವಿತ ವಿದ್ಯಾರ್ಥಿಗಳಿಗೆ ಚಿನ್ನದ ಪದಕ ನೀಡಿ ಗೌರವಿಸಲಾಯಿತು.
ಮುಖ್ಯ ಅತಿಥಿಗಳಾಗಿ ಭಾಗವಹಿಸಿದ್ದ ಗಣ್ಯರು ಘಟಿಕೋತ್ಸವ ಭಾಷಣ ಮಾಡಿದರು. ಪದವಿ ಪಡೆದ ವಿದ್ಯಾರ್ಥಿಗಳು ತಮ್ಮ ಜ್ಞಾನವನ್ನು ಸಮಾಜದ ಅಭಿವೃದ್ಧಿಗೆ ಬಳಸಬೇಕು ಎಂದು ಕಿವಿಮಾತು ಹೇಳಿದರು. ಶ್ರೀ ಕ್ಷೇತ್ರ ಧರ್ಮಸ್ಥಳದ ಧರ್ಮಾಧಿಕಾರಿ ಡಾ. ಡಿ. ವೀರೇಂದ್ರ ಹೆಗ್ಗಡೆ ಅವರ ಮಾರ್ಗದರ್ಶನದಲ್ಲಿ ಸಂಸ್ಥೆ ಉತ್ತಮ ಸಾಧನೆ ಮಾಡುತ್ತಿದೆ.
ವಿದ್ಯಾರ್ಥಿಗಳಿಗೆ ಪದವಿ ಪ್ರಮಾಣಪತ್ರಗಳನ್ನು ವಿತರಿಸಲಾಯಿತು. ಕಾರ್ಯಕ್ರಮದಲ್ಲಿ ಎಸ್‌ಡಿಎಂಐಎಂಡಿ ನಿರ್ದೇಶಕ ಡಾ. ಎನ್.ಆರ್.ಪರಶುರಾಮನ್, ಡೀನ್‌ಗಳು, ಅಧ್ಯಾಪಕರು, ಪೋಷಕರು ಹಾಗೂ ವಿದ್ಯಾರ್ಥಿಗಳು ಉಪಸ್ಥಿತರಿದ್ದರು.
samimd
sdmimd
